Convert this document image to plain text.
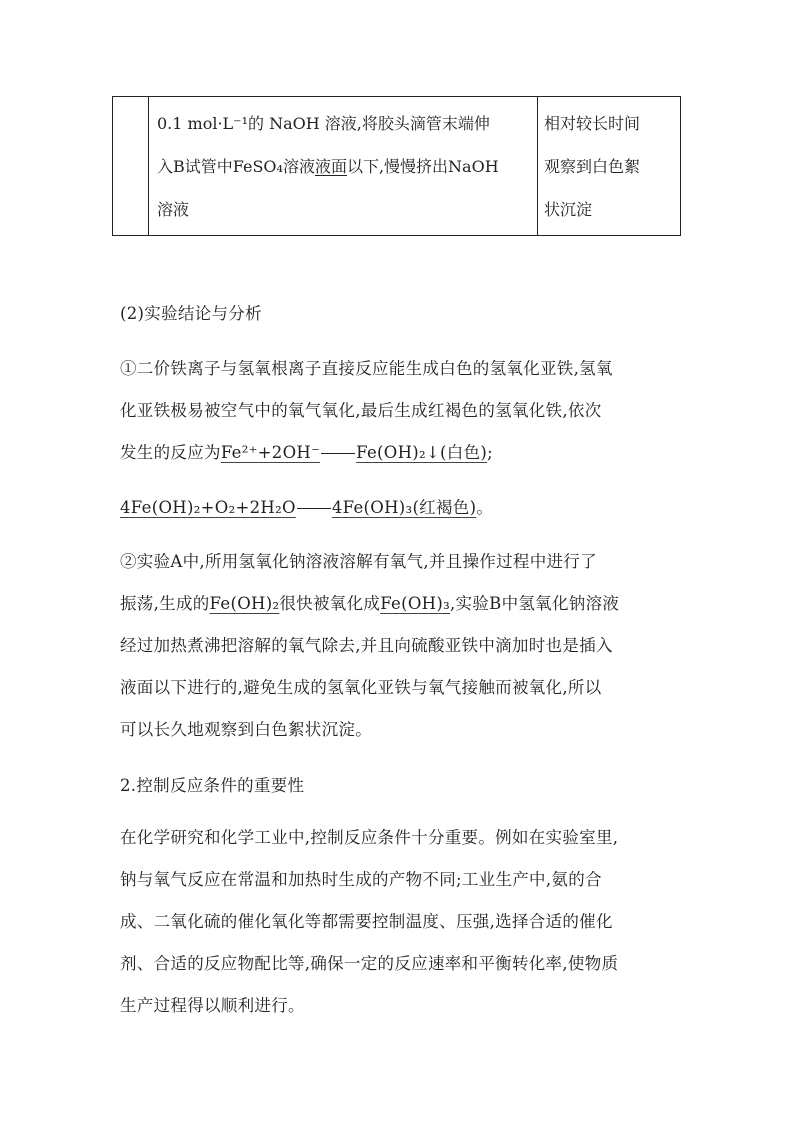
0.1 mol·L⁻¹的 NaOH 溶液,将胶头滴管末端伸
入B试管中FeSO₄溶液液面以下,慢慢挤出NaOH
溶液
相对较长时间
观察到白色絮
状沉淀
(2)实验结论与分析
①二价铁离子与氢氧根离子直接反应能生成白色的氢氧化亚铁,氢氧
化亚铁极易被空气中的氧气氧化,最后生成红褐色的氢氧化铁,依次
发生的反应为Fe²⁺+2OH⁻ Fe(OH)₂↓(白色);
4Fe(OH)₂+O₂+2H₂O 4Fe(OH)₃(红褐色)。
②实验A中,所用氢氧化钠溶液溶解有氧气,并且操作过程中进行了
振荡,生成的Fe(OH)₂很快被氧化成Fe(OH)₃,实验B中氢氧化钠溶液
经过加热煮沸把溶解的氧气除去,并且向硫酸亚铁中滴加时也是插入
液面以下进行的,避免生成的氢氧化亚铁与氧气接触而被氧化,所以
可以长久地观察到白色絮状沉淀。
2.控制反应条件的重要性
在化学研究和化学工业中,控制反应条件十分重要。例如在实验室里,
钠与氧气反应在常温和加热时生成的产物不同;工业生产中,氨的合
成、二氧化硫的催化氧化等都需要控制温度、压强,选择合适的催化
剂、合适的反应物配比等,确保一定的反应速率和平衡转化率,使物质
生产过程得以顺利进行。
